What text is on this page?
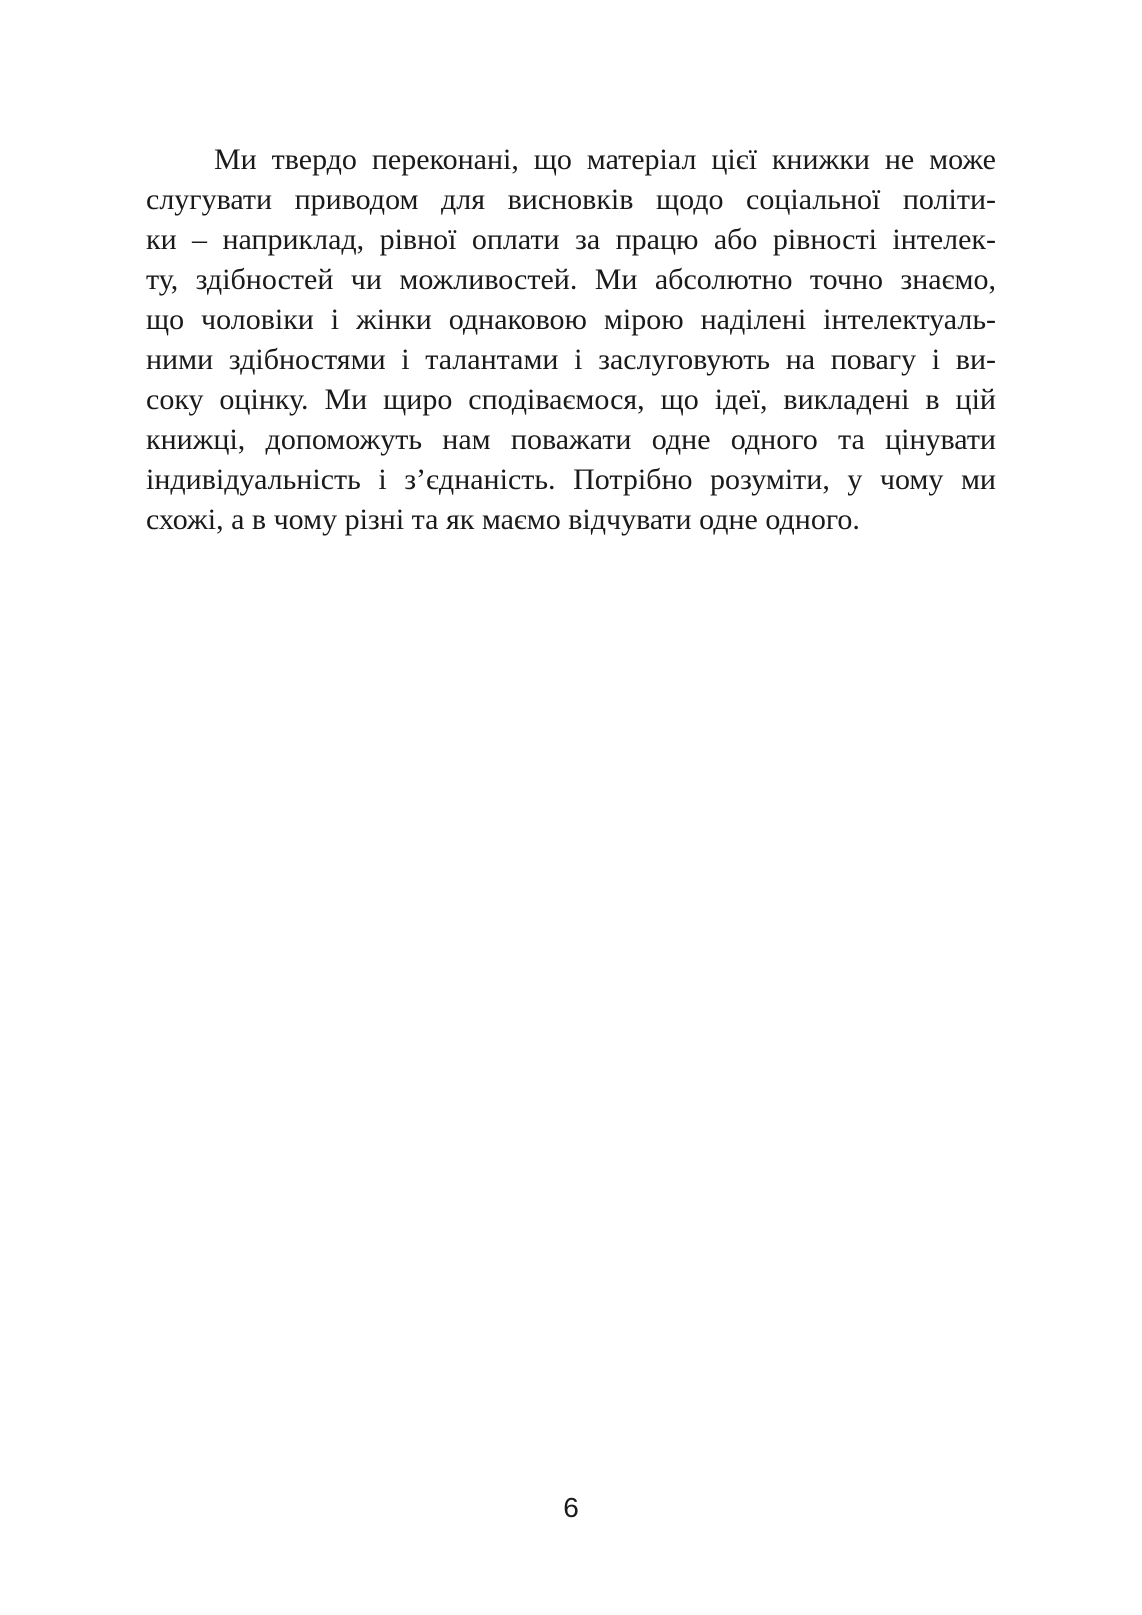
Ми твердо переконані, що матеріал цієї книжки не може
слугувати приводом для висновків щодо соціальної політи-
ки – наприклад, рівної оплати за працю або рівності інтелек-
ту, здібностей чи можливостей. Ми абсолютно точно знаємо,
що чоловіки і жінки однаковою мірою наділені інтелектуаль-
ними здібностями і талантами і заслуговують на повагу і ви-
соку оцінку. Ми щиро сподіваємося, що ідеї, викладені в цій
книжці, допоможуть нам поважати одне одного та цінувати
індивідуальність і з’єднаність. Потрібно розуміти, у чому ми
схожі, а в чому різні та як маємо відчувати одне одного.
6
